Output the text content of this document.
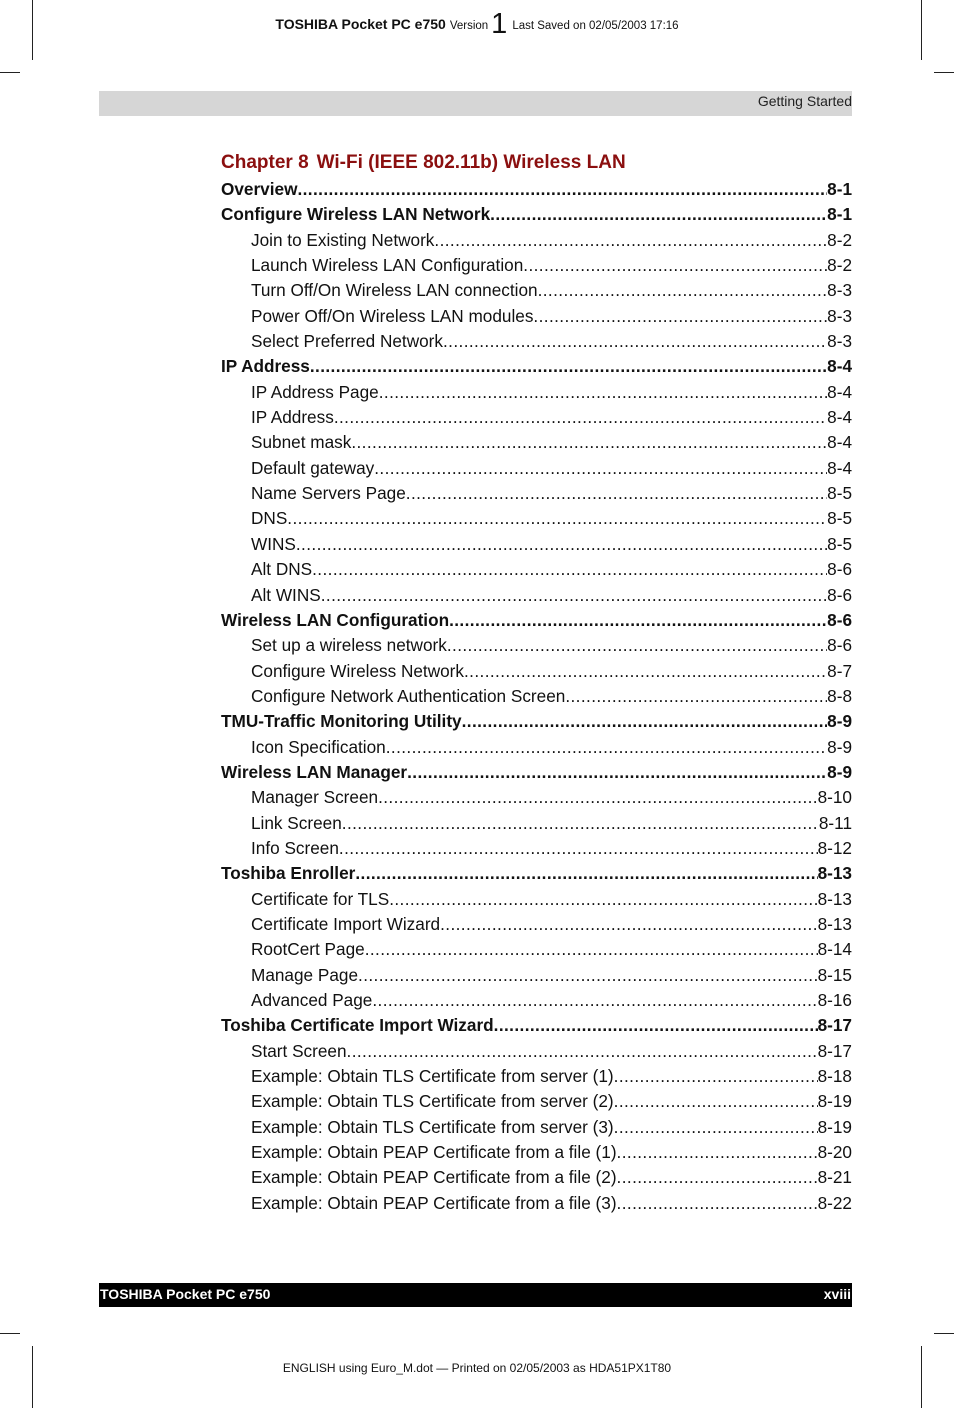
TOSHIBA Pocket PC e750 Version 1 Last Saved on 02/05/2003 17:16
Getting Started
Chapter 8 Wi-Fi (IEEE 802.11b) Wireless LAN
Overview .....	8-1
Configure Wireless LAN Network .....	8-1
Join to Existing Network .....	8-2
Launch Wireless LAN Configuration .....	8-2
Turn Off/On Wireless LAN connection .....	8-3
Power Off/On Wireless LAN modules .....	8-3
Select Preferred Network .....	8-3
IP Address .....	8-4
IP Address Page .....	8-4
IP Address .....	8-4
Subnet mask .....	8-4
Default gateway .....	8-4
Name Servers Page .....	8-5
DNS .....	8-5
WINS .....	8-5
Alt DNS .....	8-6
Alt WINS .....	8-6
Wireless LAN Configuration .....	8-6
Set up a wireless network .....	8-6
Configure Wireless Network .....	8-7
Configure Network Authentication Screen .....	8-8
TMU-Traffic Monitoring Utility .....	8-9
Icon Specification .....	8-9
Wireless LAN Manager .....	8-9
Manager Screen .....	8-10
Link Screen .....	8-11
Info Screen .....	8-12
Toshiba Enroller .....	8-13
Certificate for TLS .....	8-13
Certificate Import Wizard .....	8-13
RootCert Page .....	8-14
Manage Page .....	8-15
Advanced Page .....	8-16
Toshiba Certificate Import Wizard .....	8-17
Start Screen .....	8-17
Example: Obtain TLS Certificate from server (1) .....	8-18
Example: Obtain TLS Certificate from server (2) .....	8-19
Example: Obtain TLS Certificate from server (3) .....	8-19
Example: Obtain PEAP Certificate from a file (1) .....	8-20
Example: Obtain PEAP Certificate from a file (2) .....	8-21
Example: Obtain PEAP Certificate from a file (3) .....	8-22
TOSHIBA Pocket PC e750	xviii
ENGLISH using Euro_M.dot — Printed on 02/05/2003 as HDA51PX1T80
